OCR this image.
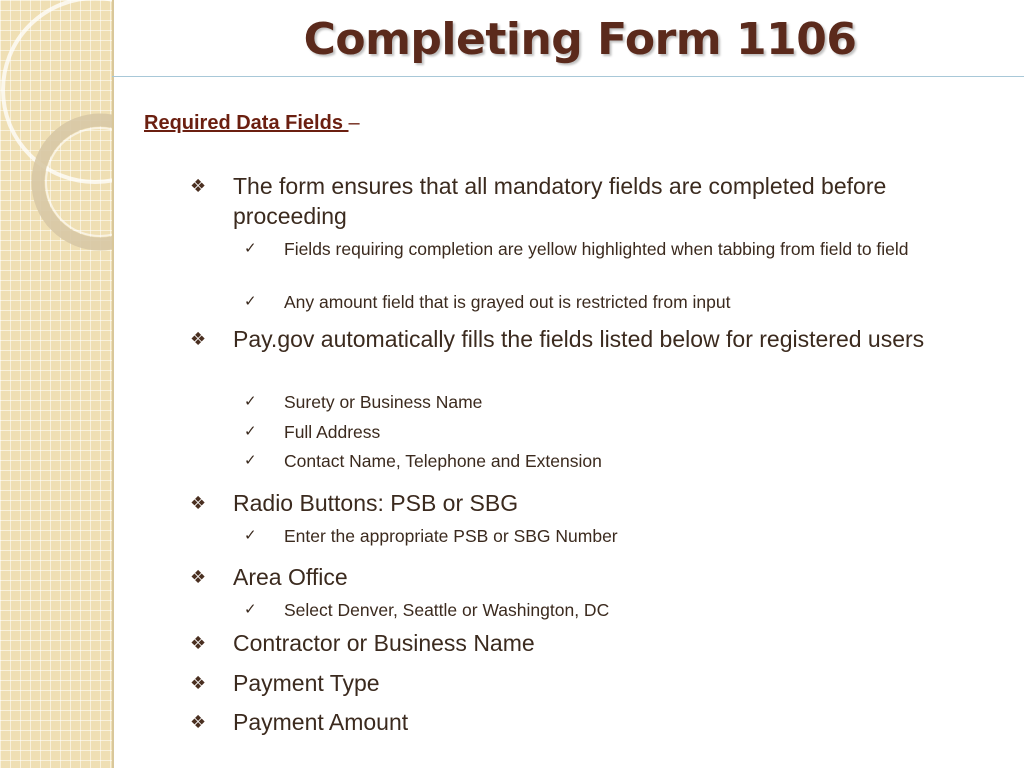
Completing Form 1106
Required Data Fields –
❖ The form ensures that all mandatory fields are completed before proceeding
✓	Fields requiring completion are yellow highlighted when tabbing from field to field
✓	Any amount field that is grayed out is restricted from input
❖ Pay.gov automatically fills the fields listed below for registered users
✓	Surety or Business Name
✓	Full Address
✓	Contact Name, Telephone and Extension
❖ Radio Buttons: PSB or SBG
✓	Enter the appropriate PSB or SBG Number
❖ Area Office
✓	Select Denver, Seattle or Washington, DC
❖ Contractor or Business Name
❖ Payment Type
❖ Payment Amount
